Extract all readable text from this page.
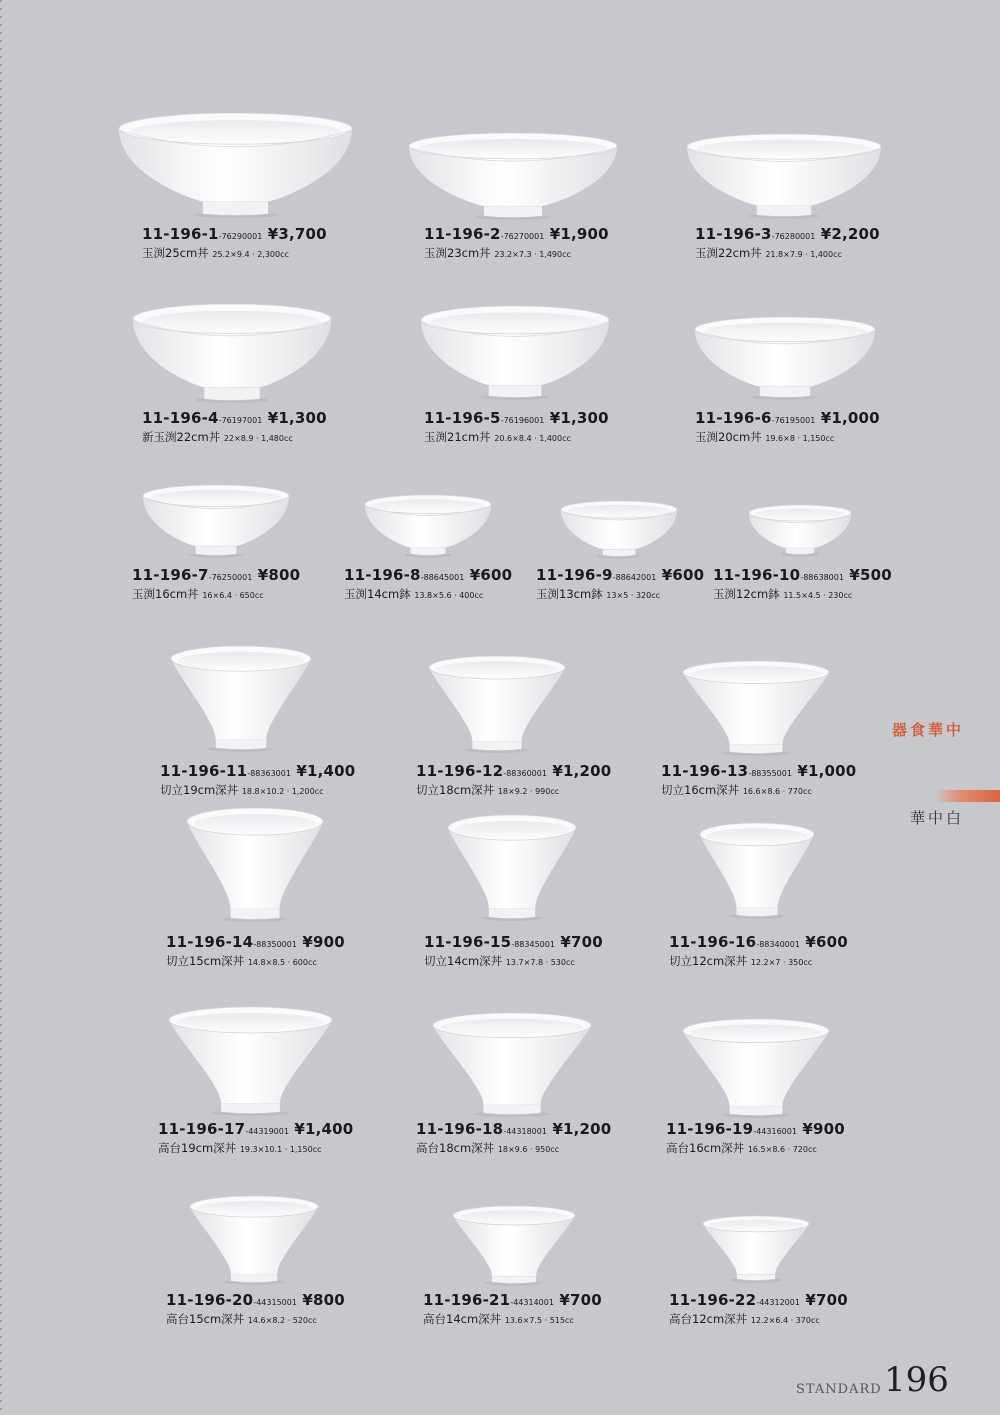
11-196-1-76290001 ¥3,700
玉渕25cm丼 25.2×9.4 · 2,300cc
11-196-2-76270001 ¥1,900
玉渕23cm丼 23.2×7.3 · 1,490cc
11-196-3-76280001 ¥2,200
玉渕22cm丼 21.8×7.9 · 1,400cc
11-196-4-76197001 ¥1,300
新玉渕22cm丼 22×8.9 · 1,480cc
11-196-5-76196001 ¥1,300
玉渕21cm丼 20.6×8.4 · 1,400cc
11-196-6-76195001 ¥1,000
玉渕20cm丼 19.6×8 · 1,150cc
11-196-7-76250001 ¥800
玉渕16cm丼 16×6.4 · 650cc
11-196-8-88645001 ¥600
玉渕14cm鉢 13.8×5.6 · 400cc
11-196-9-88642001 ¥600
玉渕13cm鉢 13×5 · 320cc
11-196-10-88638001 ¥500
玉渕12cm鉢 11.5×4.5 · 230cc
11-196-11-88363001 ¥1,400
切立19cm深丼 18.8×10.2 · 1,200cc
11-196-12-88360001 ¥1,200
切立18cm深丼 18×9.2 · 990cc
11-196-13-88355001 ¥1,000
切立16cm深丼 16.6×8.6 · 770cc
11-196-14-88350001 ¥900
切立15cm深丼 14.8×8.5 · 600cc
11-196-15-88345001 ¥700
切立14cm深丼 13.7×7.8 · 530cc
11-196-16-88340001 ¥600
切立12cm深丼 12.2×7 · 350cc
11-196-17-44319001 ¥1,400
高台19cm深丼 19.3×10.1 · 1,150cc
11-196-18-44318001 ¥1,200
高台18cm深丼 18×9.6 · 950cc
11-196-19-44316001 ¥900
高台16cm深丼 16.5×8.6 · 720cc
11-196-20-44315001 ¥800
高台15cm深丼 14.6×8.2 · 520cc
11-196-21-44314001 ¥700
高台14cm深丼 13.6×7.5 · 515cc
11-196-22-44312001 ¥700
高台12cm深丼 12.2×6.4 · 370cc
中華食器
白中華
STANDARD 196
